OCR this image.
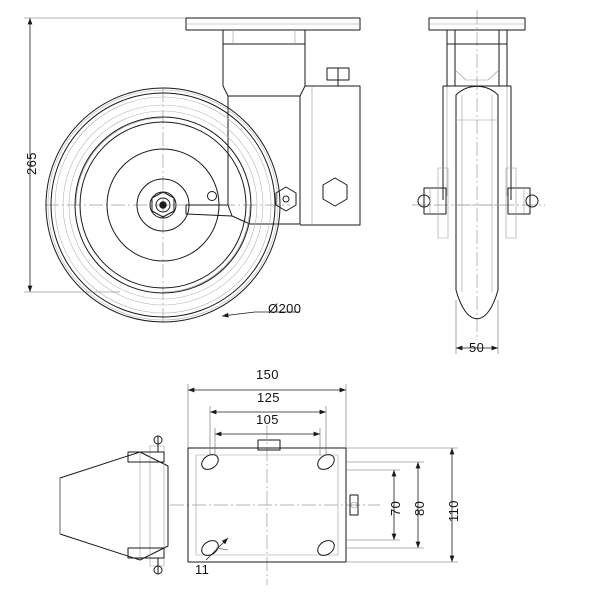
265
Ø200
50
150
125
105
70 80 110
11
